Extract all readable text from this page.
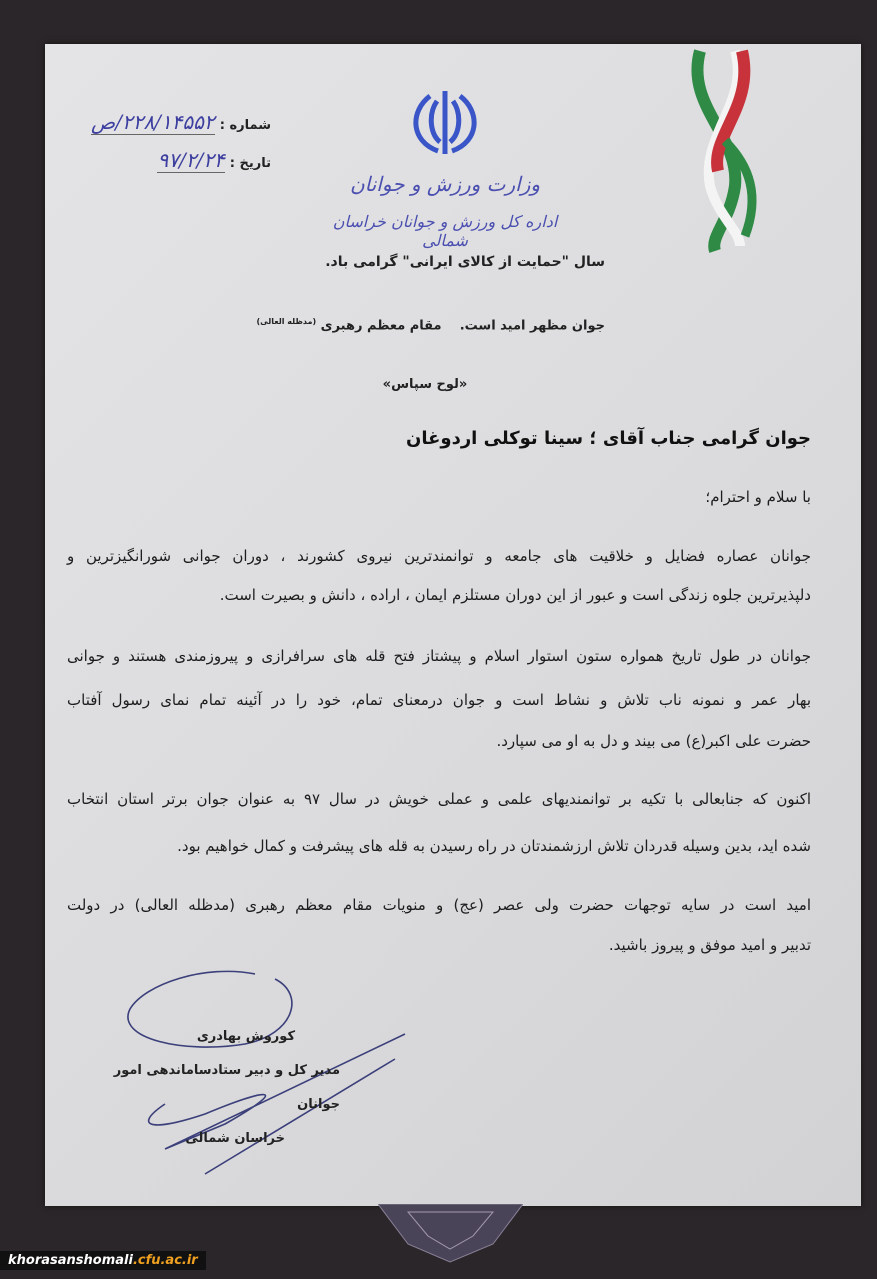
شماره : ۲۲۸/۱۴۵۵۲/ص
تاریخ : ۹۷/۲/۲۴
وزارت ورزش و جوانان
اداره کل ورزش و جوانان خراسان شمالی
سال "حمایت از کالای ایرانی" گرامی باد.
جوان مظهر امید است.    مقام معظم رهبری $^{(مدظله العالی)}$
«لوح سپاس»
جوان گرامی جناب آقای ؛ سینا توکلی اردوغان
با سلام و احترام؛
جوانان عصاره فضایل و خلاقیت های جامعه و توانمندترین نیروی کشورند ، دوران جوانی شورانگیزترین و
دلپذیرترین جلوه زندگی است و عبور از این دوران مستلزم ایمان ، اراده ، دانش و بصیرت است.
جوانان در طول تاریخ همواره ستون استوار اسلام و پیشتاز فتح قله های سرافرازی و پیروزمندی هستند و جوانی
بهار عمر و نمونه ناب تلاش و نشاط است و جوان درمعنای تمام، خود را در آئینه تمام نمای رسول آفتاب
حضرت علی اکبر(ع) می بیند و دل به او می سپارد.
اکنون که جنابعالی با تکیه بر توانمندیهای علمی و عملی خویش در سال ۹۷ به عنوان جوان برتر استان انتخاب
شده اید، بدین وسیله قدردان تلاش ارزشمندتان در راه رسیدن به قله های پیشرفت و کمال خواهیم بود.
امید است در سایه توجهات حضرت ولی عصر (عج) و منویات مقام معظم رهبری (مدظله العالی) در دولت
تدبیر و امید موفق و پیروز باشید.
کوروش بهادری
مدیر کل و دبیر ستادساماندهی امور جوانان
خراسان شمالی
khorasanshomali.cfu.ac.ir
